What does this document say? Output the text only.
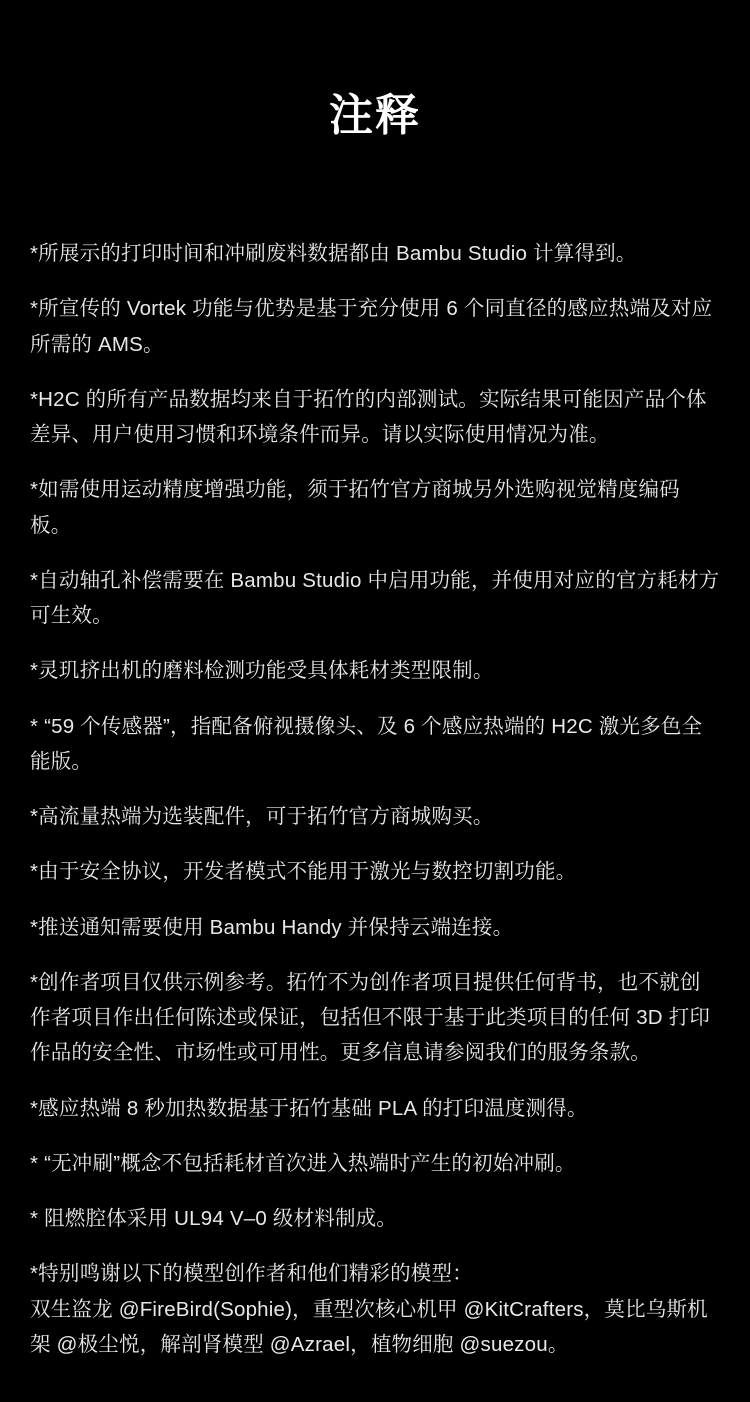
注释

*所展示的打印时间和冲刷废料数据都由 Bambu Studio 计算得到。

*所宣传的 Vortek 功能与优势是基于充分使用 6 个同直径的感应热端及对应所需的 AMS。

*H2C 的所有产品数据均来自于拓竹的内部测试。实际结果可能因产品个体差异、用户使用习惯和环境条件而异。请以实际使用情况为准。

*如需使用运动精度增强功能，须于拓竹官方商城另外选购视觉精度编码板。

*自动轴孔补偿需要在 Bambu Studio 中启用功能，并使用对应的官方耗材方可生效。

*灵玑挤出机的磨料检测功能受具体耗材类型限制。

* “59 个传感器”，指配备俯视摄像头、及 6 个感应热端的 H2C 激光多色全能版。

*高流量热端为选装配件，可于拓竹官方商城购买。

*由于安全协议，开发者模式不能用于激光与数控切割功能。

*推送通知需要使用 Bambu Handy 并保持云端连接。

*创作者项目仅供示例参考。拓竹不为创作者项目提供任何背书，也不就创作者项目作出任何陈述或保证，包括但不限于基于此类项目的任何 3D 打印作品的安全性、市场性或可用性。更多信息请参阅我们的服务条款。

*感应热端 8 秒加热数据基于拓竹基础 PLA 的打印温度测得。

* “无冲刷”概念不包括耗材首次进入热端时产生的初始冲刷。

* 阻燃腔体采用 UL94 V–0 级材料制成。

*特别鸣谢以下的模型创作者和他们精彩的模型：
双生盗龙 @FireBird(Sophie)，重型次核心机甲 @KitCrafters，莫比乌斯机架 @极尘悦，解剖肾模型 @Azrael，植物细胞 @suezou。
